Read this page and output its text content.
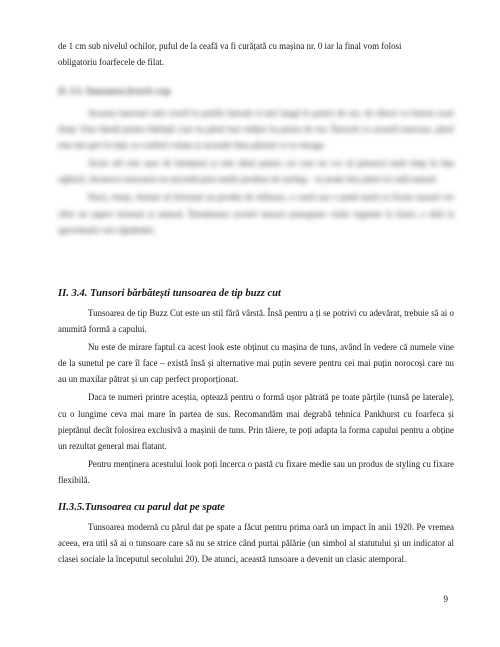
de 1 cm sub nivelul ochilor, puful de la ceafă va fi curățată cu mașina nr. 0 iar la final vom folosi

obligatoriu foarfecele de filat.

II. 3.3. Tunsoarea french crop

Aceasta tunsoare este scurtă la partile laterale si mai lungă în partea de sus, de obicei cu breton scurt drept. Este ideală pentru bărbații care au părul mai subțire în partea de sus. Întrucât cu această tunsoare, părul este dat spre în față, ea conferă volum și ascunde linia părului ce se retrage.

Acest stil este ușor de întreținut și este ideal pentru cei care nu vor să petreacă mult timp în fața oglinzii, deoarece tunsoarea nu necesită prea multe produse de styling – se poate lăsa părul să cadă natural.

Dacă, totuși, dorești să folosești un produs de stilizare, o ceară sau o pastă mată cu fixare ușoară vor oferi un aspect texturat și natural. Întreținerea acestei tunsori presupune vizite regulate la frizer, o dată la aproximativ trei săptămâni.

II. 3.4. Tunsori bărbătești tunsoarea de tip buzz cut

Tunsoarea de tip Buzz Cut este un stil fără vârstă. Însă pentru a ți se potrivi cu adevărat, trebuie să ai o anumită formă a capului.

Nu este de mirare faptul ca acest look este obținut cu mașina de tuns, având în vedere că numele vine de la sunetul pe care îl face – există însă și alternative mai puțin severe pentru cei mai puțin norocoși care nu au un maxilar pătrat și un cap perfect proporționat.

Daca te numeri printre aceștia, optează pentru o formă ușor pătrată pe toate părțile (tunsă pe laterale), cu o lungime ceva mai mare în partea de sus. Recomandăm mai degrabă tehnica Pankhurst cu foarfeca și pieptănul decât folosirea exclusivă a mașinii de tuns. Prin tăiere, te poți adapta la forma capului pentru a obține un rezultat general mai flatant.

Pentru menținera acestului look poți încerca o pastă cu fixare medie sau un produs de styling cu fixare flexibilă.

II.3.5.Tunsoarea cu parul dat pe spate

Tunsoarea modernă cu părul dat pe spate a făcut pentru prima oară un impact în anii 1920. Pe vremea aceea, era util să ai o tunsoare care să nu se strice când purtai pălărie (un simbol al statutului și un indicator al clasei sociale la începutul secolului 20). De atunci, această tunsoare a devenit un clasic atemporal.

9
